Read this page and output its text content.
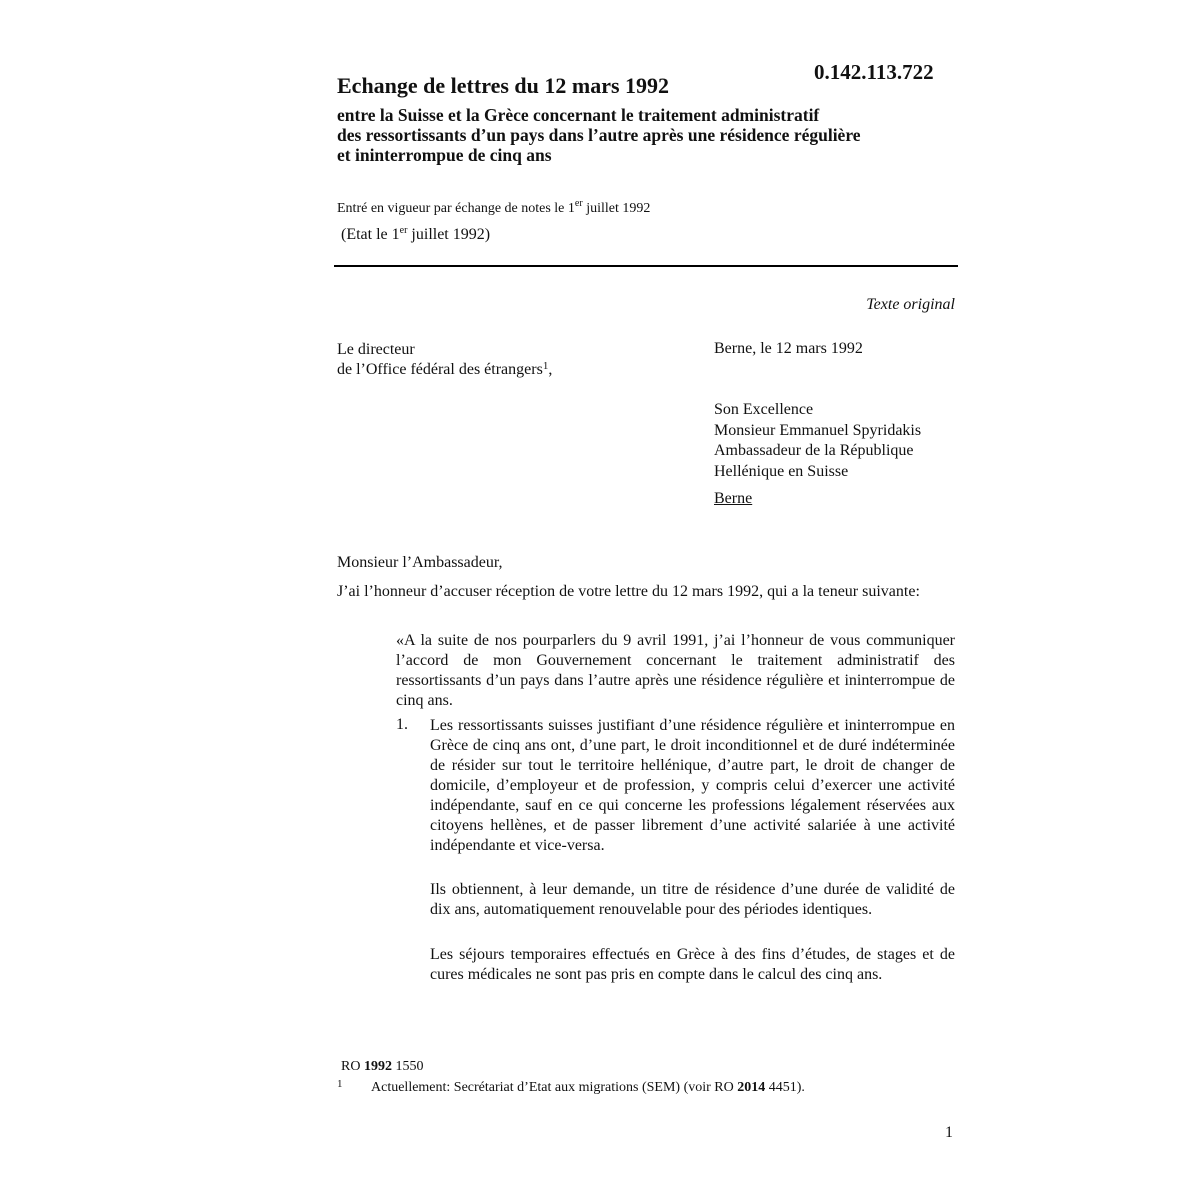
0.142.113.722
Echange de lettres du 12 mars 1992
entre la Suisse et la Grèce concernant le traitement administratif
des ressortissants d’un pays dans l’autre après une résidence régulière
et ininterrompue de cinq ans
Entré en vigueur par échange de notes le 1er juillet 1992
(Etat le 1er juillet 1992)
Texte original
Le directeur
de l’Office fédéral des étrangers$^1$,
Berne, le 12 mars 1992
Son Excellence
Monsieur Emmanuel Spyridakis
Ambassadeur de la République
Hellénique en Suisse
Berne
Monsieur l’Ambassadeur,
J’ai l’honneur d’accuser réception de votre lettre du 12 mars 1992, qui a la teneur suivante:
«A la suite de nos pourparlers du 9 avril 1991, j’ai l’honneur de vous communiquer l’accord de mon Gouvernement concernant le traitement administratif des ressortissants d’un pays dans l’autre après une résidence régulière et ininterrompue de cinq ans.
1. Les ressortissants suisses justifiant d’une résidence régulière et ininterrompue en Grèce de cinq ans ont, d’une part, le droit inconditionnel et de duré indéterminée de résider sur tout le territoire hellénique, d’autre part, le droit de changer de domicile, d’employeur et de profession, y compris celui d’exercer une activité indépendante, sauf en ce qui concerne les professions légalement réservées aux citoyens hellènes, et de passer librement d’une activité salariée à une activité indépendante et vice-versa.
Ils obtiennent, à leur demande, un titre de résidence d’une durée de validité de dix ans, automatiquement renouvelable pour des périodes identiques.
Les séjours temporaires effectués en Grèce à des fins d’études, de stages et de cures médicales ne sont pas pris en compte dans le calcul des cinq ans.
RO 1992 1550
1 Actuellement: Secrétariat d’Etat aux migrations (SEM) (voir RO 2014 4451).
1
